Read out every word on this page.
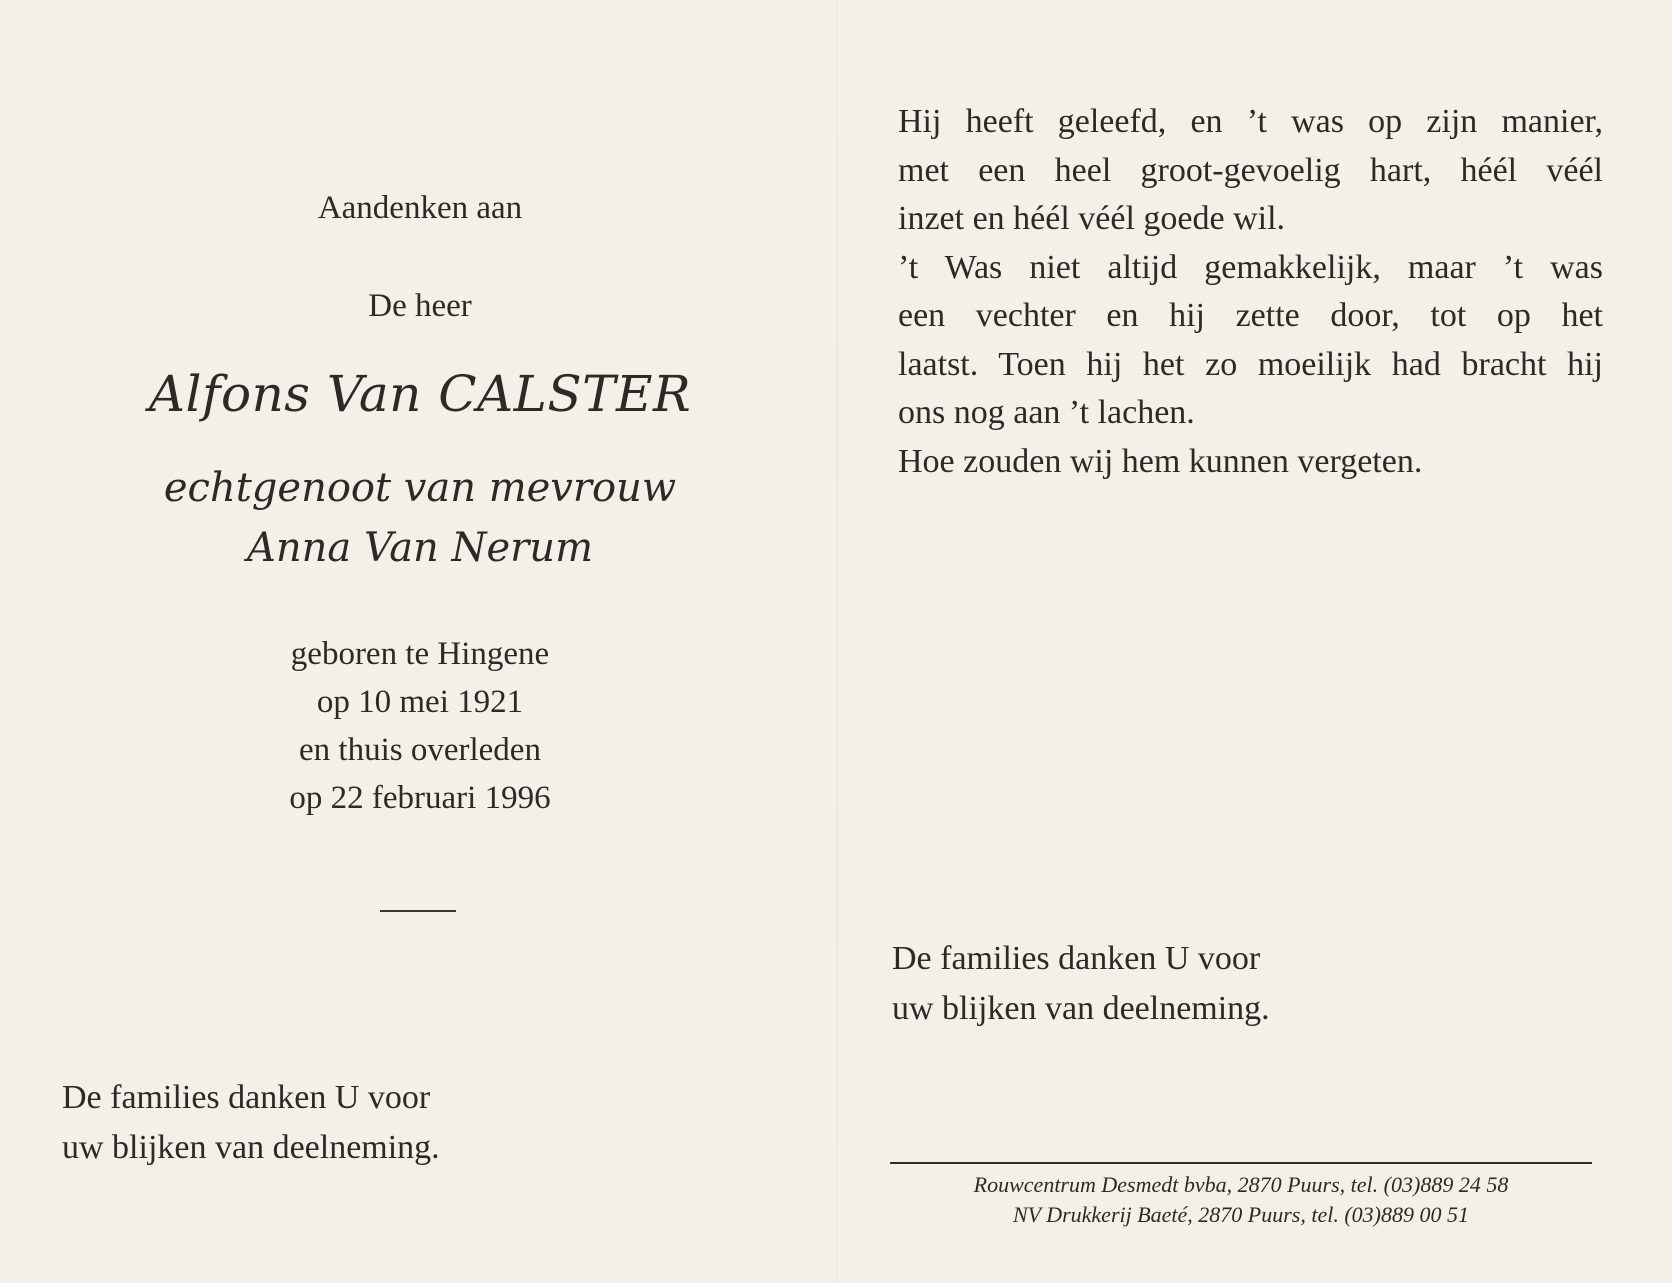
Aandenken aan
De heer
Alfons Van CALSTER
echtgenoot van mevrouw
Anna Van Nerum
geboren te Hingene
op 10 mei 1921
en thuis overleden
op 22 februari 1996
De families danken U voor
uw blijken van deelneming.
Hij heeft geleefd, en ’t was op zijn manier,
met een heel groot-gevoelig hart, héél véél
inzet en héél véél goede wil.
’t Was niet altijd gemakkelijk, maar ’t was
een vechter en hij zette door, tot op het
laatst. Toen hij het zo moeilijk had bracht hij
ons nog aan ’t lachen.
Hoe zouden wij hem kunnen vergeten.
De families danken U voor
uw blijken van deelneming.
Rouwcentrum Desmedt bvba, 2870 Puurs, tel. (03)889 24 58
NV Drukkerij Baeté, 2870 Puurs, tel. (03)889 00 51
